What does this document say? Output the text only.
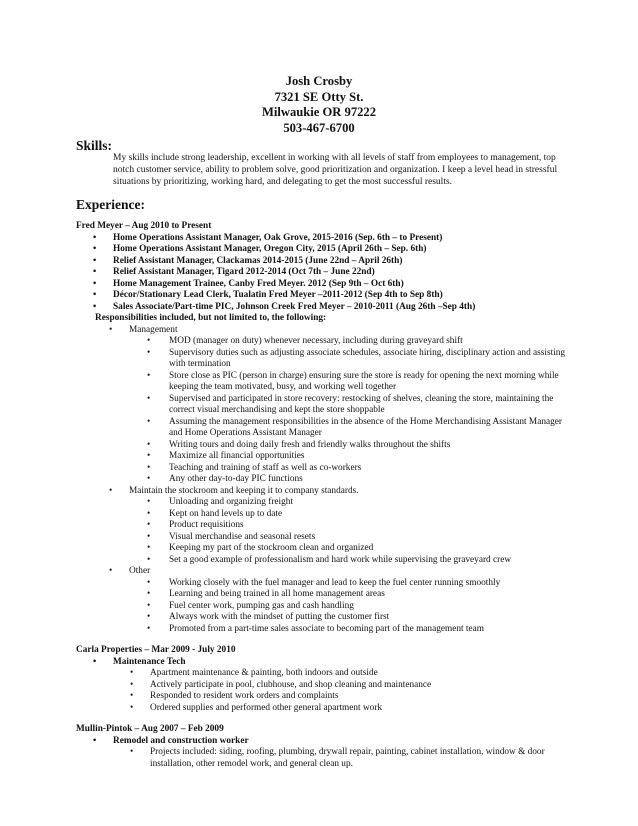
Josh Crosby
7321 SE Otty St.
Milwaukie OR 97222
503-467-6700
Skills:
My skills include strong leadership, excellent in working with all levels of staff from employees to management, top notch customer service, ability to problem solve, good prioritization and organization. I keep a level head in stressful situations by prioritizing, working hard, and delegating to get the most successful results.
Experience:
Fred Meyer – Aug 2010 to Present
• Home Operations Assistant Manager, Oak Grove, 2015-2016 (Sep. 6th – to Present)
• Home Operations Assistant Manager, Oregon City, 2015 (April 26th – Sep. 6th)
• Relief Assistant Manager, Clackamas 2014-2015 (June 22nd – April 26th)
• Relief Assistant Manager, Tigard 2012-2014 (Oct 7th – June 22nd)
• Home Management Trainee, Canby Fred Meyer. 2012 (Sep 9th – Oct 6th)
• Décor/Stationary Lead Clerk, Tualatin Fred Meyer –2011-2012 (Sep 4th to Sep 8th)
• Sales Associate/Part-time PIC, Johnson Creek Fred Meyer – 2010-2011 (Aug 26th –Sep 4th)
Responsibilities included, but not limited to, the following:
• Management
• MOD (manager on duty) whenever necessary, including during graveyard shift
• Supervisory duties such as adjusting associate schedules, associate hiring, disciplinary action and assisting with termination
• Store close as PIC (person in charge) ensuring sure the store is ready for opening the next morning while keeping the team motivated, busy, and working well together
• Supervised and participated in store recovery: restocking of shelves, cleaning the store, maintaining the correct visual merchandising and kept the store shoppable
• Assuming the management responsibilities in the absence of the Home Merchandising Assistant Manager and Home Operations Assistant Manager
• Writing tours and doing daily fresh and friendly walks throughout the shifts
• Maximize all financial opportunities
• Teaching and training of staff as well as co-workers
• Any other day-to-day PIC functions
• Maintain the stockroom and keeping it to company standards.
• Unloading and organizing freight
• Kept on hand levels up to date
• Product requisitions
• Visual merchandise and seasonal resets
• Keeping my part of the stockroom clean and organized
• Set a good example of professionalism and hard work while supervising the graveyard crew
• Other
• Working closely with the fuel manager and lead to keep the fuel center running smoothly
• Learning and being trained in all home management areas
• Fuel center work, pumping gas and cash handling
• Always work with the mindset of putting the customer first
• Promoted from a part-time sales associate to becoming part of the management team
Carla Properties – Mar 2009 - July 2010
• Maintenance Tech
• Apartment maintenance & painting, both indoors and outside
• Actively participate in pool, clubhouse, and shop cleaning and maintenance
• Responded to resident work orders and complaints
• Ordered supplies and performed other general apartment work
Mullin-Pintok – Aug 2007 – Feb 2009
• Remodel and construction worker
• Projects included: siding, roofing, plumbing, drywall repair, painting, cabinet installation, window & door installation, other remodel work, and general clean up.
